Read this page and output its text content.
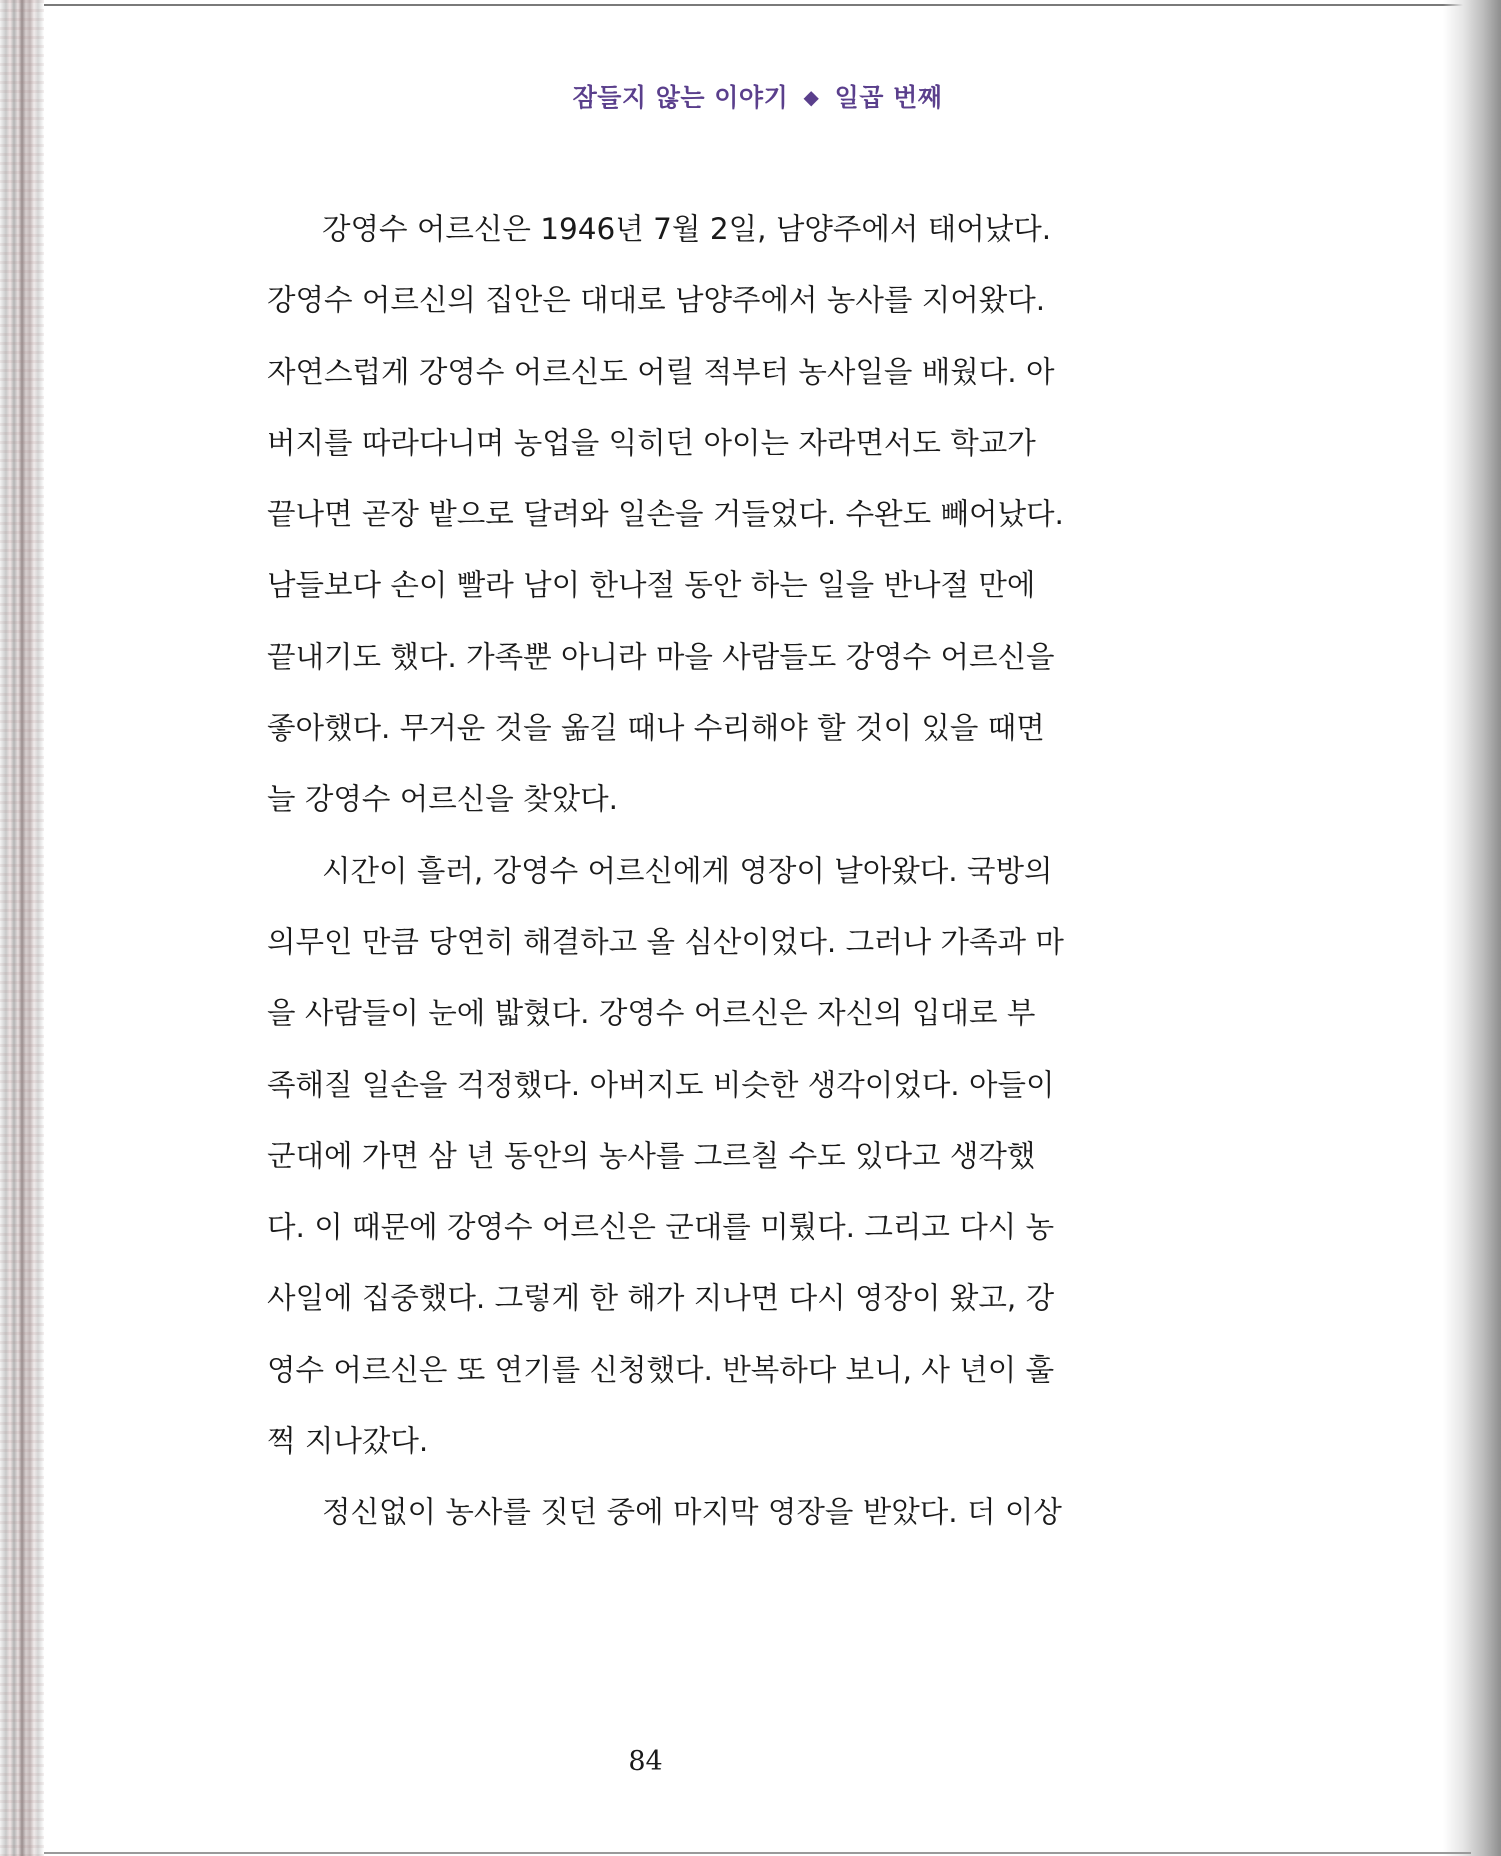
잠들지 않는 이야기 ◆ 일곱 번째
강영수 어르신은 1946년 7월 2일, 남양주에서 태어났다.
강영수 어르신의 집안은 대대로 남양주에서 농사를 지어왔다.
자연스럽게 강영수 어르신도 어릴 적부터 농사일을 배웠다. 아
버지를 따라다니며 농업을 익히던 아이는 자라면서도 학교가
끝나면 곧장 밭으로 달려와 일손을 거들었다. 수완도 빼어났다.
남들보다 손이 빨라 남이 한나절 동안 하는 일을 반나절 만에
끝내기도 했다. 가족뿐 아니라 마을 사람들도 강영수 어르신을
좋아했다. 무거운 것을 옮길 때나 수리해야 할 것이 있을 때면
늘 강영수 어르신을 찾았다.
시간이 흘러, 강영수 어르신에게 영장이 날아왔다. 국방의
의무인 만큼 당연히 해결하고 올 심산이었다. 그러나 가족과 마
을 사람들이 눈에 밟혔다. 강영수 어르신은 자신의 입대로 부
족해질 일손을 걱정했다. 아버지도 비슷한 생각이었다. 아들이
군대에 가면 삼 년 동안의 농사를 그르칠 수도 있다고 생각했
다. 이 때문에 강영수 어르신은 군대를 미뤘다. 그리고 다시 농
사일에 집중했다. 그렇게 한 해가 지나면 다시 영장이 왔고, 강
영수 어르신은 또 연기를 신청했다. 반복하다 보니, 사 년이 훌
쩍 지나갔다.
정신없이 농사를 짓던 중에 마지막 영장을 받았다. 더 이상
84
